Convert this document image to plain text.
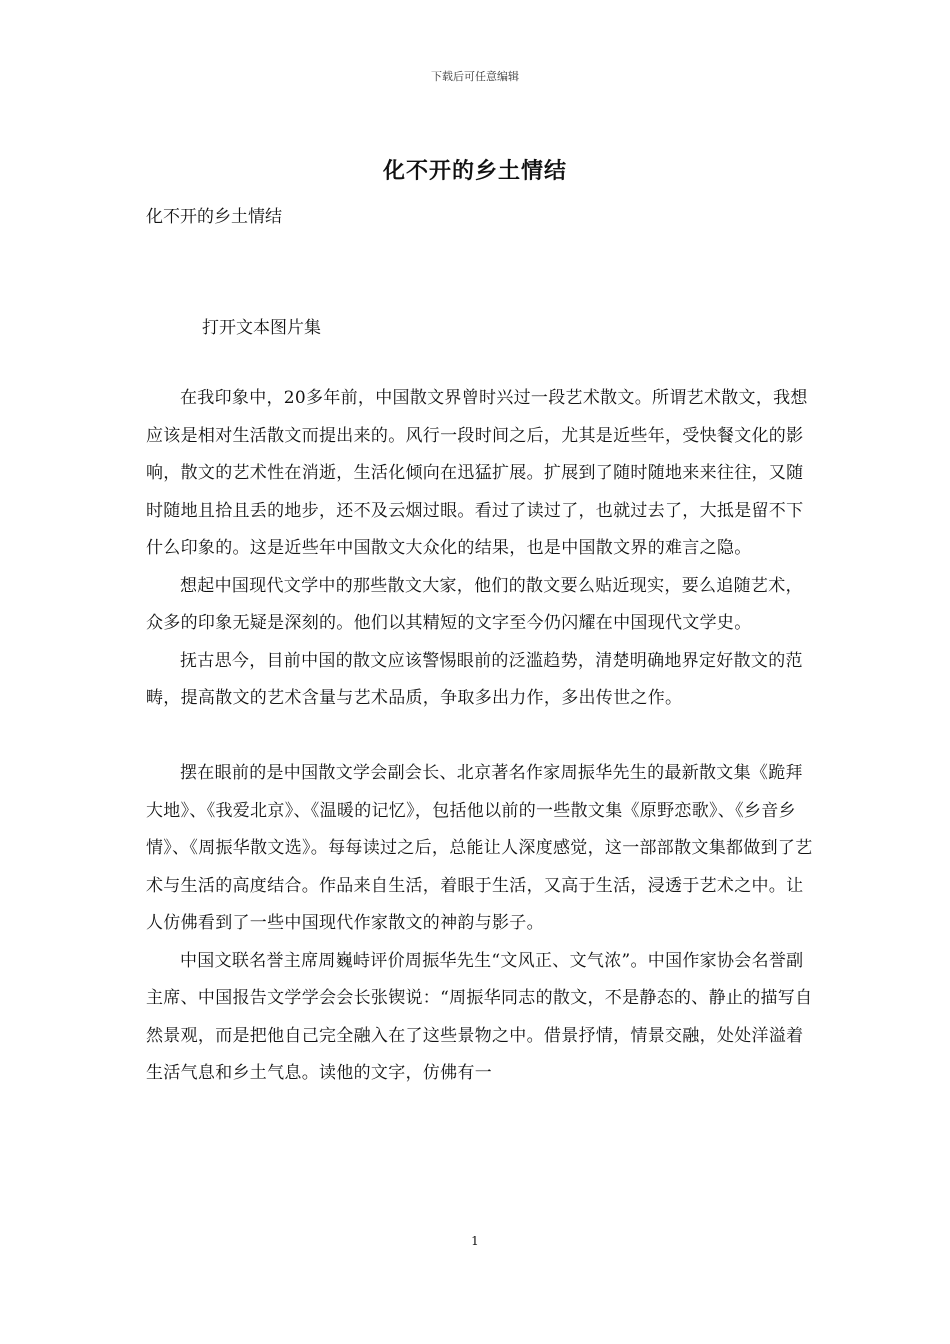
下载后可任意编辑
化不开的乡土情结
化不开的乡土情结
打开文本图片集

在我印象中，20多年前，中国散文界曾时兴过一段艺术散文。所谓艺术散文，我想应该是相对生活散文而提出来的。风行一段时间之后，尤其是近些年，受快餐文化的影响，散文的艺术性在消逝，生活化倾向在迅猛扩展。扩展到了随时随地来来往往，又随时随地且拾且丢的地步，还不及云烟过眼。看过了读过了，也就过去了，大抵是留不下什么印象的。这是近些年中国散文大众化的结果，也是中国散文界的难言之隐。

想起中国现代文学中的那些散文大家，他们的散文要么贴近现实，要么追随艺术，众多的印象无疑是深刻的。他们以其精短的文字至今仍闪耀在中国现代文学史。

抚古思今，目前中国的散文应该警惕眼前的泛滥趋势，清楚明确地界定好散文的范畴，提高散文的艺术含量与艺术品质，争取多出力作，多出传世之作。

摆在眼前的是中国散文学会副会长、北京著名作家周振华先生的最新散文集《跪拜大地》、《我爱北京》、《温暖的记忆》，包括他以前的一些散文集《原野恋歌》、《乡音乡情》、《周振华散文选》。每每读过之后，总能让人深度感觉，这一部部散文集都做到了艺术与生活的高度结合。作品来自生活，着眼于生活，又高于生活，浸透于艺术之中。让人仿佛看到了一些中国现代作家散文的神韵与影子。

中国文联名誉主席周巍峙评价周振华先生“文风正、文气浓”。中国作家协会名誉副主席、中国报告文学学会会长张锲说：“周振华同志的散文，不是静态的、静止的描写自然景观，而是把他自己完全融入在了这些景物之中。借景抒情，情景交融，处处洋溢着生活气息和乡土气息。读他的文字，仿佛有一

1
